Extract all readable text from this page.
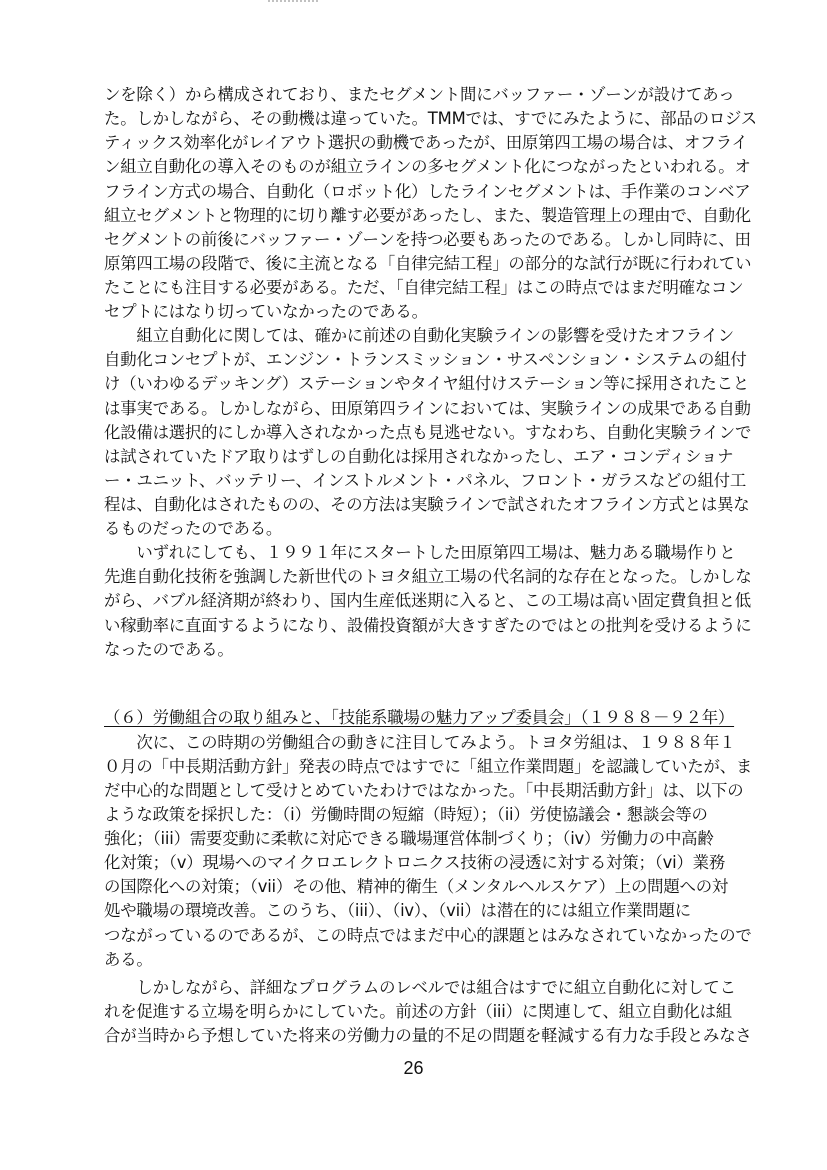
ンを除く）から構成されており、またセグメント間にバッファー・ゾーンが設けてあっ
た。しかしながら、その動機は違っていた。TMMでは、すでにみたように、部品のロジス
ティックス効率化がレイアウト選択の動機であったが、田原第四工場の場合は、オフライ
ン組立自動化の導入そのものが組立ラインの多セグメント化につながったといわれる。オ
フライン方式の場合、自動化（ロボット化）したラインセグメントは、手作業のコンベア
組立セグメントと物理的に切り離す必要があったし、また、製造管理上の理由で、自動化
セグメントの前後にバッファー・ゾーンを持つ必要もあったのである。しかし同時に、田
原第四工場の段階で、後に主流となる「自律完結工程」の部分的な試行が既に行われてい
たことにも注目する必要がある。ただ、「自律完結工程」はこの時点ではまだ明確なコン
セプトにはなり切っていなかったのである。
　　組立自動化に関しては、確かに前述の自動化実験ラインの影響を受けたオフライン
自動化コンセプトが、エンジン・トランスミッション・サスペンション・システムの組付
け（いわゆるデッキング）ステーションやタイヤ組付けステーション等に採用されたこと
は事実である。しかしながら、田原第四ラインにおいては、実験ラインの成果である自動
化設備は選択的にしか導入されなかった点も見逃せない。すなわち、自動化実験ラインで
は試されていたドア取りはずしの自動化は採用されなかったし、エア・コンディショナ
ー・ユニット、バッテリー、インストルメント・パネル、フロント・ガラスなどの組付工
程は、自動化はされたものの、その方法は実験ラインで試されたオフライン方式とは異な
るものだったのである。
　　いずれにしても、１９９１年にスタートした田原第四工場は、魅力ある職場作りと
先進自動化技術を強調した新世代のトヨタ組立工場の代名詞的な存在となった。しかしな
がら、バブル経済期が終わり、国内生産低迷期に入ると、この工場は高い固定費負担と低
い稼動率に直面するようになり、設備投資額が大きすぎたのではとの批判を受けるように
なったのである。
（６）労働組合の取り組みと、「技能系職場の魅力アップ委員会」（１９８８－９２年）
　　次に、この時期の労働組合の動きに注目してみよう。トヨタ労組は、１９８８年１
０月の「中長期活動方針」発表の時点ではすでに「組立作業問題」を認識していたが、ま
だ中心的な問題として受けとめていたわけではなかった。「中長期活動方針」は、以下の
ような政策を採択した：（i）労働時間の短縮（時短）；（ii）労使協議会・懇談会等の
強化；（iii）需要変動に柔軟に対応できる職場運営体制づくり；（iv）労働力の中高齢
化対策；（v）現場へのマイクロエレクトロニクス技術の浸透に対する対策；（vi）業務
の国際化への対策；（vii）その他、精神的衛生（メンタルヘルスケア）上の問題への対
処や職場の環境改善。このうち、（iii）、（iv）、（vii）は潜在的には組立作業問題に
つながっているのであるが、この時点ではまだ中心的課題とはみなされていなかったので
ある。
　　しかしながら、詳細なプログラムのレベルでは組合はすでに組立自動化に対してこ
れを促進する立場を明らかにしていた。前述の方針（iii）に関連して、組立自動化は組
合が当時から予想していた将来の労働力の量的不足の問題を軽減する有力な手段とみなさ
26
